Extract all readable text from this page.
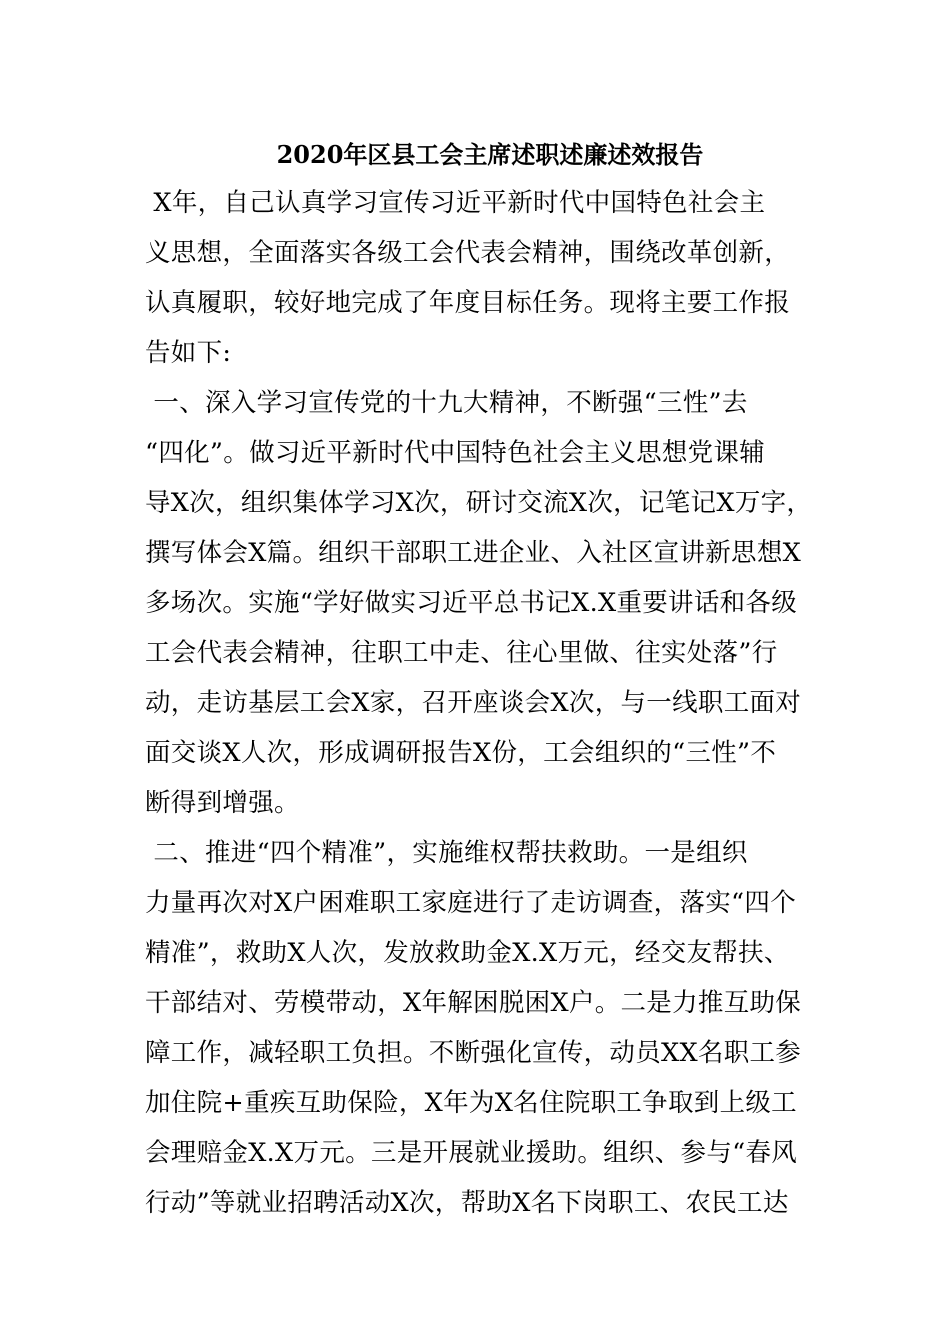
2020年区县工会主席述职述廉述效报告
X年，自己认真学习宣传习近平新时代中国特色社会主
义思想，全面落实各级工会代表会精神，围绕改革创新，
认真履职，较好地完成了年度目标任务。现将主要工作报
告如下:
一、深入学习宣传党的十九大精神，不断强“三性”去
“四化”。做习近平新时代中国特色社会主义思想党课辅
导X次，组织集体学习X次，研讨交流X次，记笔记X万字，
撰写体会X篇。组织干部职工进企业、入社区宣讲新思想X
多场次。实施“学好做实习近平总书记X.X重要讲话和各级
工会代表会精神，往职工中走、往心里做、往实处落”行
动，走访基层工会X家，召开座谈会X次，与一线职工面对
面交谈X人次，形成调研报告X份，工会组织的“三性”不
断得到增强。
二、推进“四个精准”，实施维权帮扶救助。一是组织
力量再次对X户困难职工家庭进行了走访调查，落实“四个
精准”，救助X人次，发放救助金X.X万元，经交友帮扶、
干部结对、劳模带动，X年解困脱困X户。二是力推互助保
障工作，减轻职工负担。不断强化宣传，动员XX名职工参
加住院+重疾互助保险，X年为X名住院职工争取到上级工
会理赔金X.X万元。三是开展就业援助。组织、参与“春风
行动”等就业招聘活动X次，帮助X名下岗职工、农民工达
